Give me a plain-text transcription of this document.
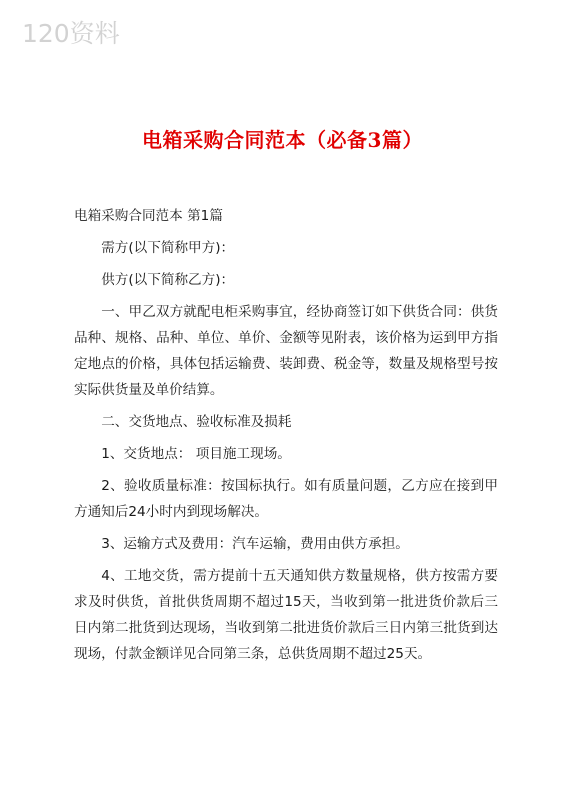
120资料
电箱采购合同范本（必备3篇）

电箱采购合同范本 第1篇

需方(以下简称甲方)：

供方(以下简称乙方)：

一、甲乙双方就配电柜采购事宜，经协商签订如下供货合同：供货品种、规格、品种、单位、单价、金额等见附表，该价格为运到甲方指定地点的价格，具体包括运输费、装卸费、税金等，数量及规格型号按实际供货量及单价结算。

二、交货地点、验收标准及损耗

1、交货地点： 项目施工现场。

2、验收质量标准：按国标执行。如有质量问题，乙方应在接到甲方通知后24小时内到现场解决。

3、运输方式及费用：汽车运输，费用由供方承担。

4、工地交货，需方提前十五天通知供方数量规格，供方按需方要求及时供货，首批供货周期不超过15天，当收到第一批进货价款后三日内第二批货到达现场，当收到第二批进货价款后三日内第三批货到达现场，付款金额详见合同第三条，总供货周期不超过25天。
